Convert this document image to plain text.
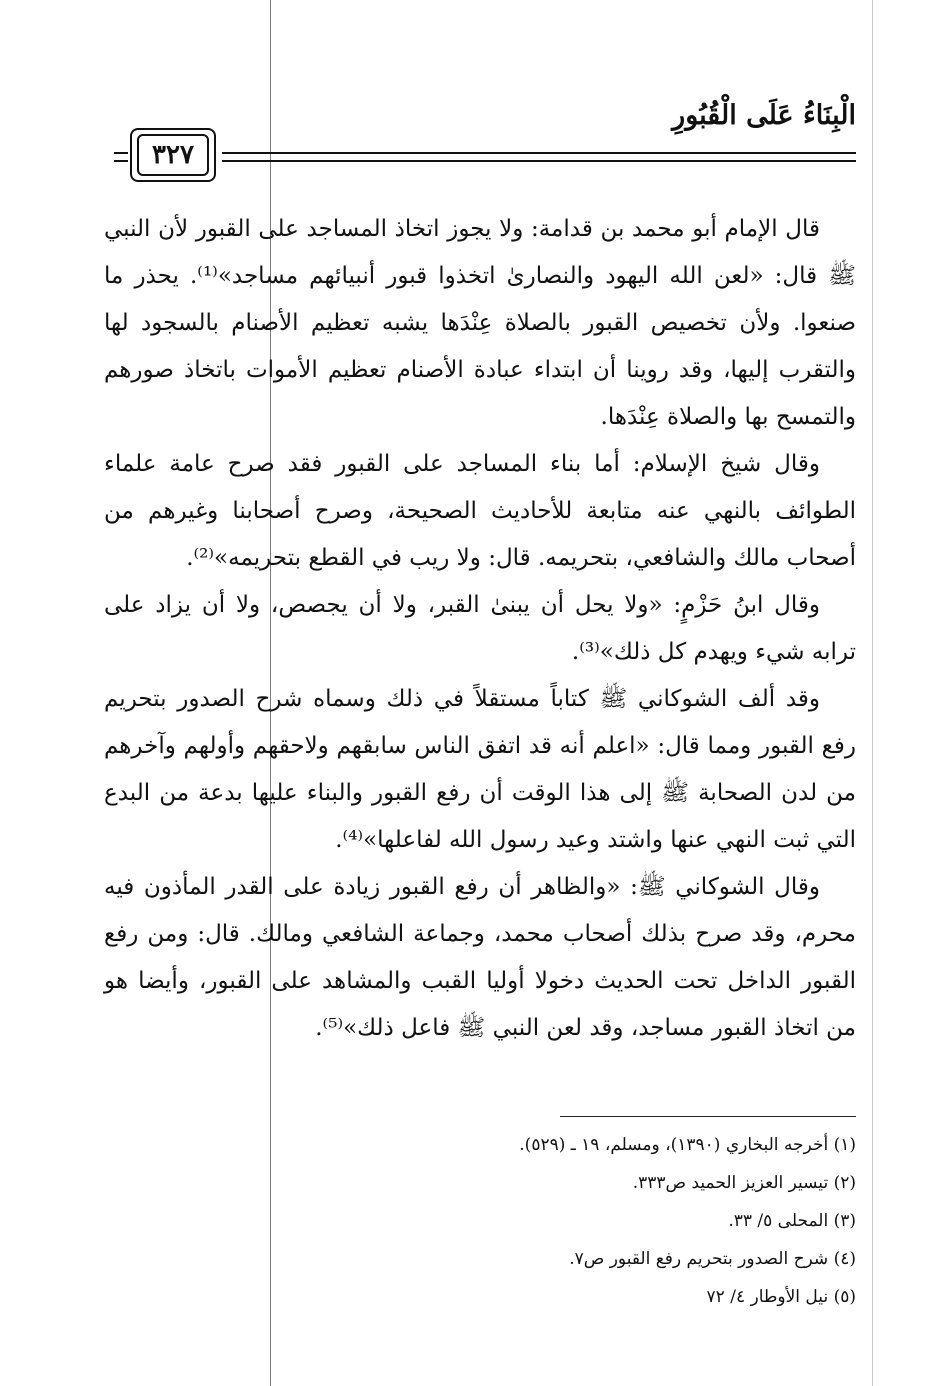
الْبِنَاءُ عَلَى الْقُبُورِ
٣٢٧

قال الإمام أبو محمد بن قدامة: ولا يجوز اتخاذ المساجد على القبور لأن النبي ﷺ قال: «لعن الله اليهود والنصارىٰ اتخذوا قبور أنبيائهم مساجد»⁽¹⁾. يحذر ما صنعوا. ولأن تخصيص القبور بالصلاة عِنْدَها يشبه تعظيم الأصنام بالسجود لها والتقرب إليها، وقد روينا أن ابتداء عبادة الأصنام تعظيم الأموات باتخاذ صورهم والتمسح بها والصلاة عِنْدَها.

وقال شيخ الإسلام: أما بناء المساجد على القبور فقد صرح عامة علماء الطوائف بالنهي عنه متابعة للأحاديث الصحيحة، وصرح أصحابنا وغيرهم من أصحاب مالك والشافعي، بتحريمه. قال: ولا ريب في القطع بتحريمه»⁽²⁾.

وقال ابنُ حَزْمٍ: «ولا يحل أن يبنىٰ القبر، ولا أن يجصص، ولا أن يزاد على ترابه شيء ويهدم كل ذلك»⁽³⁾.

وقد ألف الشوكاني ﷺ كتاباً مستقلاً في ذلك وسماه شرح الصدور بتحريم رفع القبور ومما قال: «اعلم أنه قد اتفق الناس سابقهم ولاحقهم وأولهم وآخرهم من لدن الصحابة ﷺ إلى هذا الوقت أن رفع القبور والبناء عليها بدعة من البدع التي ثبت النهي عنها واشتد وعيد رسول الله لفاعلها»⁽⁴⁾.

وقال الشوكاني ﷺ: «والظاهر أن رفع القبور زيادة على القدر المأذون فيه محرم، وقد صرح بذلك أصحاب محمد، وجماعة الشافعي ومالك. قال: ومن رفع القبور الداخل تحت الحديث دخولا أوليا القبب والمشاهد على القبور، وأيضا هو من اتخاذ القبور مساجد، وقد لعن النبي ﷺ فاعل ذلك»⁽⁵⁾.

(١) أخرجه البخاري (١٣٩٠)، ومسلم، ١٩ ـ (٥٢٩).
(٢) تيسير العزيز الحميد ص٣٣٣.
(٣) المحلى ٥/ ٣٣.
(٤) شرح الصدور بتحريم رفع القبور ص٧.
(٥) نيل الأوطار ٤/ ٧٢
